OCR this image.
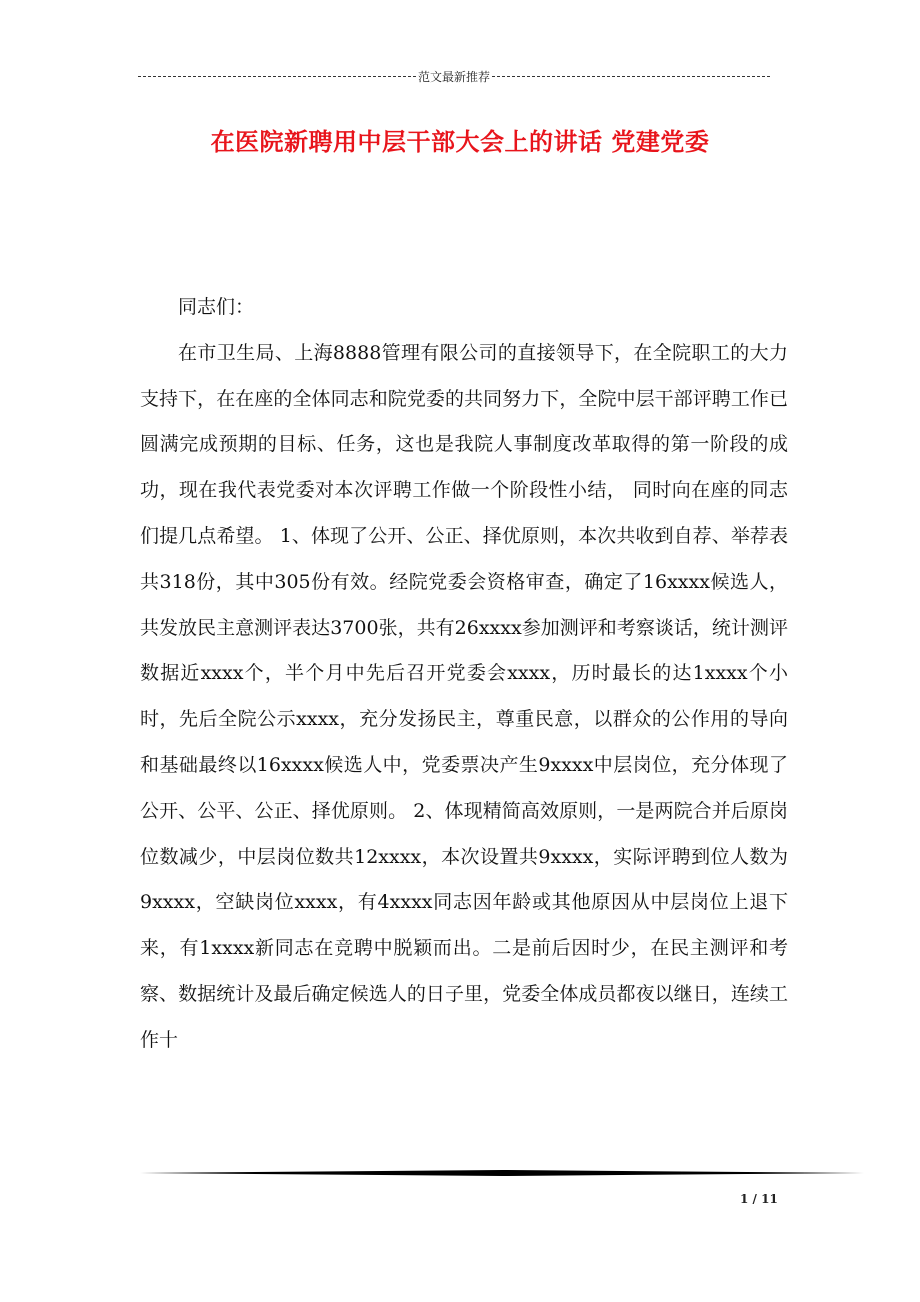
范文最新推荐
在医院新聘用中层干部大会上的讲话 党建党委

同志们：

在市卫生局、上海8888管理有限公司的直接领导下，在全院职工的大力支持下，在在座的全体同志和院党委的共同努力下，全院中层干部评聘工作已圆满完成预期的目标、任务，这也是我院人事制度改革取得的第一阶段的成功，现在我代表党委对本次评聘工作做一个阶段性小结， 同时向在座的同志们提几点希望。 1、体现了公开、公正、择优原则，本次共收到自荐、举荐表共318份，其中305份有效。经院党委会资格审查，确定了16xxxx候选人，共发放民主意测评表达3700张，共有26xxxx参加测评和考察谈话，统计测评数据近xxxx个，半个月中先后召开党委会xxxx，历时最长的达1xxxx个小时，先后全院公示xxxx，充分发扬民主，尊重民意，以群众的公作用的导向和基础最终以16xxxx候选人中，党委票决产生9xxxx中层岗位，充分体现了公开、公平、公正、择优原则。 2、体现精简高效原则，一是两院合并后原岗位数减少，中层岗位数共12xxxx，本次设置共9xxxx，实际评聘到位人数为9xxxx，空缺岗位xxxx，有4xxxx同志因年龄或其他原因从中层岗位上退下来，有1xxxx新同志在竞聘中脱颖而出。二是前后因时少，在民主测评和考察、数据统计及最后确定候选人的日子里，党委全体成员都夜以继日，连续工作十

1 / 11
